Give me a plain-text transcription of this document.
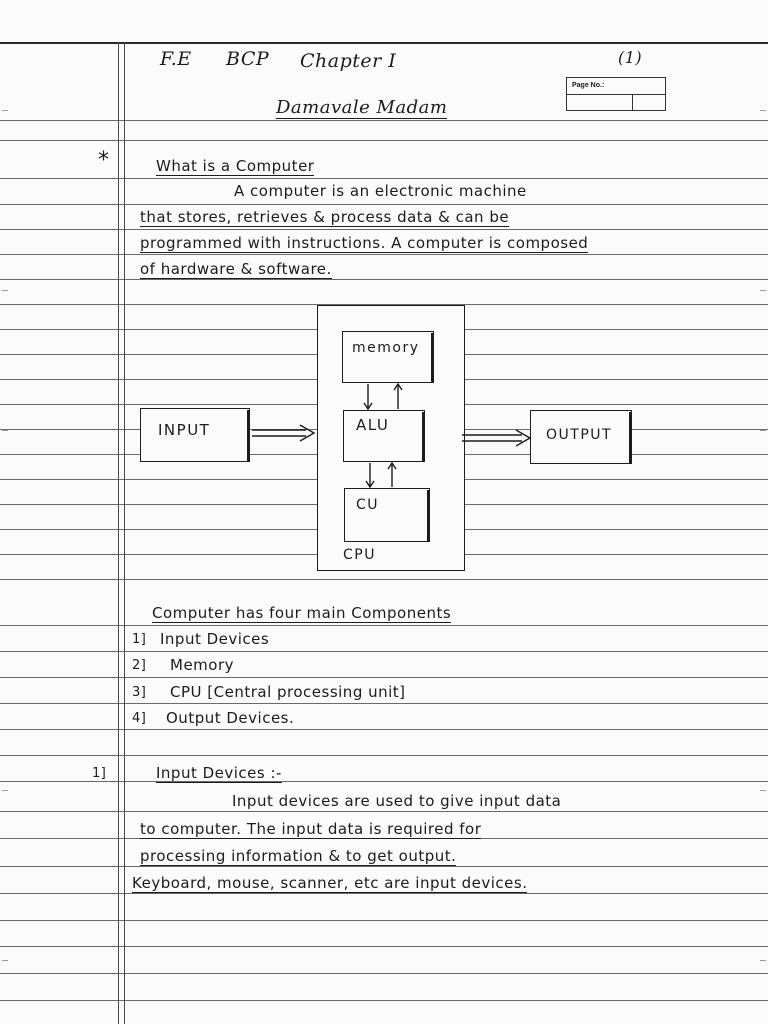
F.E BCP Chapter I	(1)
Page No.:
Damavale Madam
*	What is a Computer
A computer is an electronic machine
that stores, retrieves & process data & can be
programmed with instructions. A computer is composed
of hardware & software.
memory
ALU
CU
CPU
INPUT	OUTPUT
Computer has four main Components
1] Input Devices
2] Memory
3] CPU [Central processing unit]
4] Output Devices.
1]	Input Devices :-
Input devices are used to give input data
to computer. The input data is required for
processing information & to get output.
Keyboard, mouse, scanner, etc are input devices.
